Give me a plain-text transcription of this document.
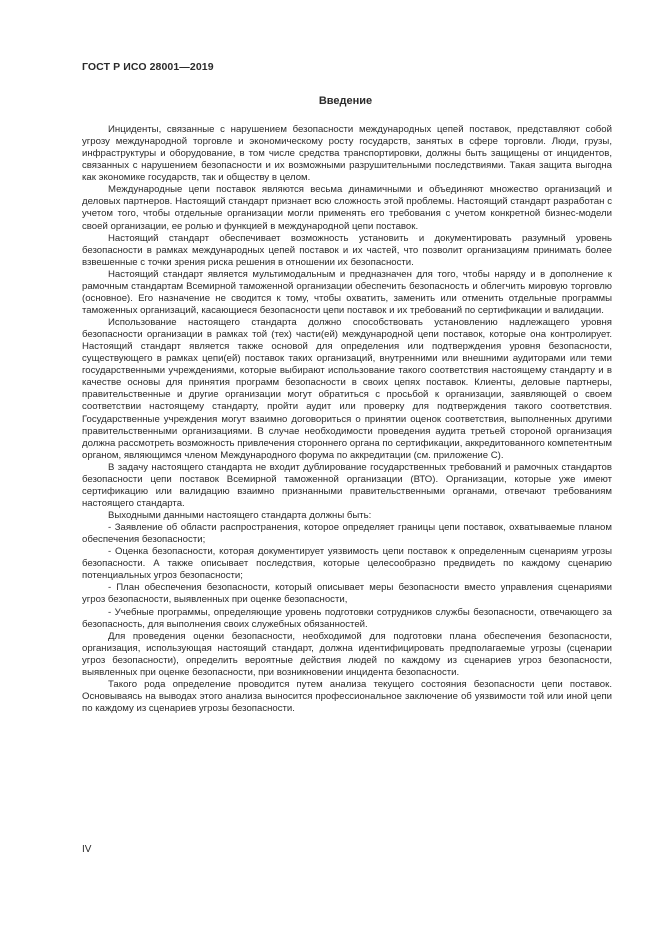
ГОСТ Р ИСО 28001—2019
Введение

Инциденты, связанные с нарушением безопасности международных цепей поставок, представляют собой угрозу международной торговле и экономическому росту государств, занятых в сфере торговли. Люди, грузы, инфраструктуры и оборудование, в том числе средства транспортировки, должны быть защищены от инцидентов, связанных с нарушением безопасности и их возможными разрушительными последствиями. Такая защита выгодна как экономике государств, так и обществу в целом.

Международные цепи поставок являются весьма динамичными и объединяют множество организаций и деловых партнеров. Настоящий стандарт признает всю сложность этой проблемы. Настоящий стандарт разработан с учетом того, чтобы отдельные организации могли применять его требования с учетом конкретной бизнес-модели своей организации, ее ролью и функцией в международной цепи поставок.

Настоящий стандарт обеспечивает возможность установить и документировать разумный уровень безопасности в рамках международных цепей поставок и их частей, что позволит организациям принимать более взвешенные с точки зрения риска решения в отношении их безопасности.

Настоящий стандарт является мультимодальным и предназначен для того, чтобы наряду и в дополнение к рамочным стандартам Всемирной таможенной организации обеспечить безопасность и облегчить мировую торговлю (основное). Его назначение не сводится к тому, чтобы охватить, заменить или отменить отдельные программы таможенных организаций, касающиеся безопасности цепи поставок и их требований по сертификации и валидации.

Использование настоящего стандарта должно способствовать установлению надлежащего уровня безопасности организации в рамках той (тех) части(ей) международной цепи поставок, которые она контролирует. Настоящий стандарт является также основой для определения или подтверждения уровня безопасности, существующего в рамках цепи(ей) поставок таких организаций, внутренними или внешними аудиторами или теми государственными учреждениями, которые выбирают использование такого соответствия настоящему стандарту и в качестве основы для принятия программ безопасности в своих цепях поставок. Клиенты, деловые партнеры, правительственные и другие организации могут обратиться с просьбой к организации, заявляющей о своем соответствии настоящему стандарту, пройти аудит или проверку для подтверждения такого соответствия. Государственные учреждения могут взаимно договориться о принятии оценок соответствия, выполненных другими правительственными организациями. В случае необходимости проведения аудита третьей стороной организация должна рассмотреть возможность привлечения стороннего органа по сертификации, аккредитованного компетентным органом, являющимся членом Международного форума по аккредитации (см. приложение С).

В задачу настоящего стандарта не входит дублирование государственных требований и рамочных стандартов безопасности цепи поставок Всемирной таможенной организации (ВТО). Организации, которые уже имеют сертификацию или валидацию взаимно признанными правительственными органами, отвечают требованиям настоящего стандарта.

Выходными данными настоящего стандарта должны быть:

- Заявление об области распространения, которое определяет границы цепи поставок, охватываемые планом обеспечения безопасности;

- Оценка безопасности, которая документирует уязвимость цепи поставок к определенным сценариям угрозы безопасности. А также описывает последствия, которые целесообразно предвидеть по каждому сценарию потенциальных угроз безопасности;

- План обеспечения безопасности, который описывает меры безопасности вместо управления сценариями угроз безопасности, выявленных при оценке безопасности,

- Учебные программы, определяющие уровень подготовки сотрудников службы безопасности, отвечающего за безопасность, для выполнения своих служебных обязанностей.

Для проведения оценки безопасности, необходимой для подготовки плана обеспечения безопасности, организация, использующая настоящий стандарт, должна идентифицировать предполагаемые угрозы (сценарии угроз безопасности), определить вероятные действия людей по каждому из сценариев угроз безопасности, выявленных при оценке безопасности, при возникновении инцидента безопасности.

Такого рода определение проводится путем анализа текущего состояния безопасности цепи поставок. Основываясь на выводах этого анализа выносится профессиональное заключение об уязвимости той или иной цепи по каждому из сценариев угрозы безопасности.

IV
